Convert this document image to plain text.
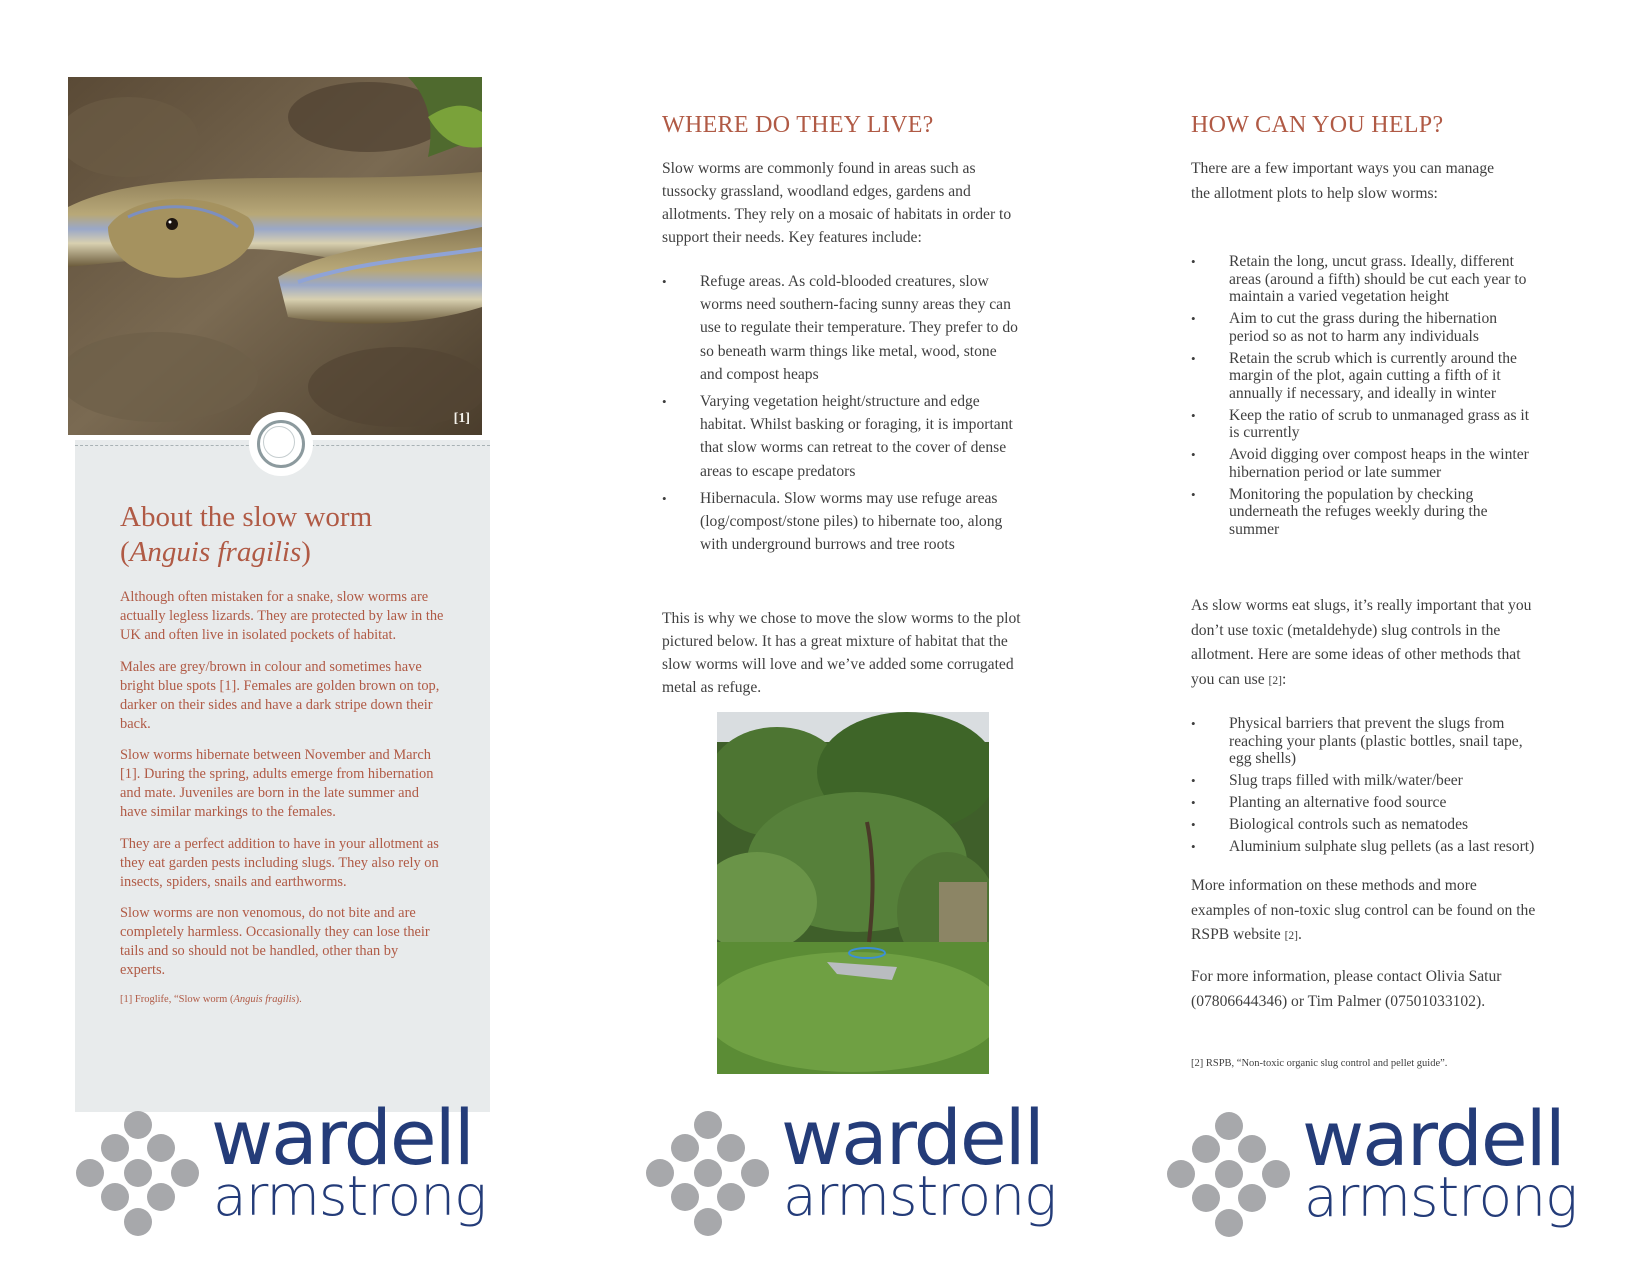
[1]
About the slow worm
(Anguis fragilis)

Although often mistaken for a snake, slow worms are actually legless lizards. They are protected by law in the UK and often live in isolated pockets of habitat.

Males are grey/brown in colour and sometimes have bright blue spots [1]. Females are golden brown on top, darker on their sides and have a dark stripe down their back.

Slow worms hibernate between November and March [1]. During the spring, adults emerge from hibernation and mate. Juveniles are born in the late summer and have similar markings to the females.

They are a perfect addition to have in your allotment as they eat garden pests including slugs. They also rely on insects, spiders, snails and earthworms.

Slow worms are non venomous, do not bite and are completely harmless. Occasionally they can lose their tails and so should not be handled, other than by experts.

[1] Froglife, “Slow worm (Anguis fragilis).

WHERE DO THEY LIVE?

Slow worms are commonly found in areas such as tussocky grassland, woodland edges, gardens and allotments. They rely on a mosaic of habitats in order to support their needs. Key features include:

• Refuge areas. As cold-blooded creatures, slow worms need southern-facing sunny areas they can use to regulate their temperature. They prefer to do so beneath warm things like metal, wood, stone and compost heaps
• Varying vegetation height/structure and edge habitat. Whilst basking or foraging, it is important that slow worms can retreat to the cover of dense areas to escape predators
• Hibernacula. Slow worms may use refuge areas (log/compost/stone piles) to hibernate too, along with underground burrows and tree roots

This is why we chose to move the slow worms to the plot pictured below. It has a great mixture of habitat that the slow worms will love and we’ve added some corrugated metal as refuge.

HOW CAN YOU HELP?

There are a few important ways you can manage the allotment plots to help slow worms:

• Retain the long, uncut grass. Ideally, different areas (around a fifth) should be cut each year to maintain a varied vegetation height
• Aim to cut the grass during the hibernation period so as not to harm any individuals
• Retain the scrub which is currently around the margin of the plot, again cutting a fifth of it annually if necessary, and ideally in winter
• Keep the ratio of scrub to unmanaged grass as it is currently
• Avoid digging over compost heaps in the winter hibernation period or late summer
• Monitoring the population by checking underneath the refuges weekly during the summer

As slow worms eat slugs, it’s really important that you don’t use toxic (metaldehyde) slug controls in the allotment. Here are some ideas of other methods that you can use [2]:

• Physical barriers that prevent the slugs from reaching your plants (plastic bottles, snail tape, egg shells)
• Slug traps filled with milk/water/beer
• Planting an alternative food source
• Biological controls such as nematodes
• Aluminium sulphate slug pellets (as a last resort)

More information on these methods and more examples of non-toxic slug control can be found on the RSPB website [2].

For more information, please contact Olivia Satur (07806644346) or Tim Palmer (07501033102).

[2] RSPB, “Non-toxic organic slug control and pellet guide”.
wardell
armstrong
wardell
armstrong
wardell
armstrong
